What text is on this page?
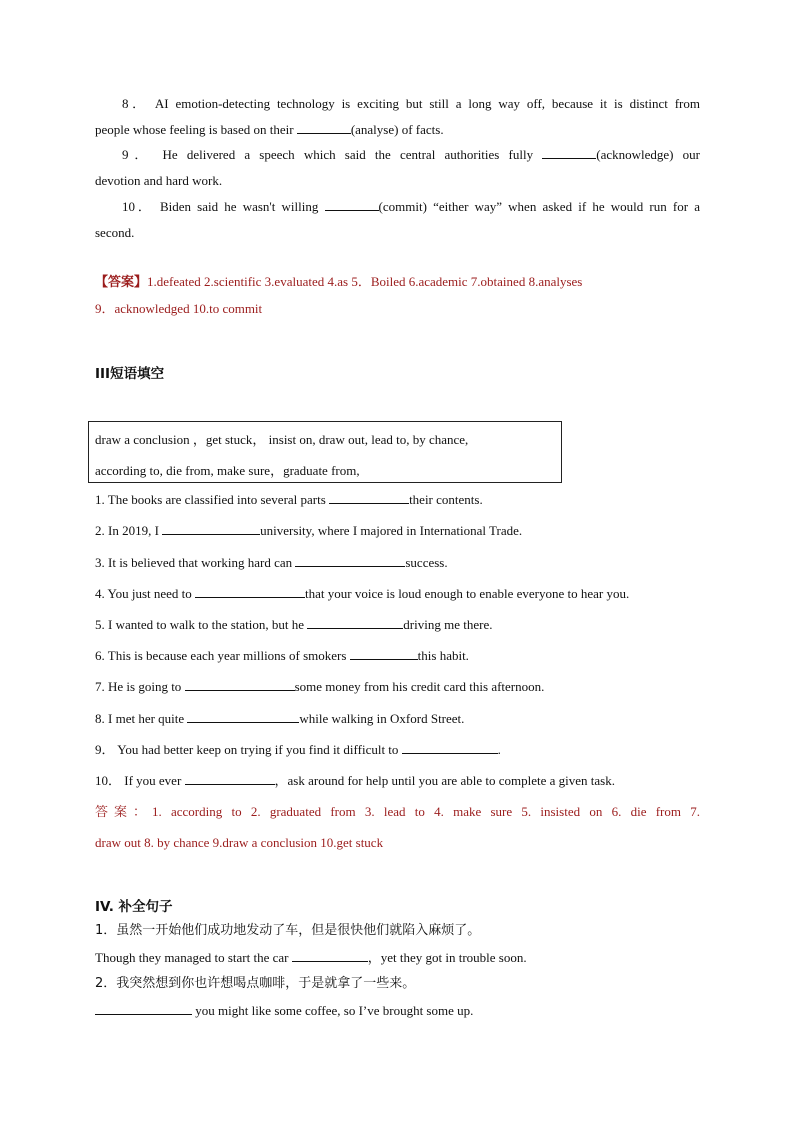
8． AI emotion-detecting technology is exciting but still a long way off, because it is distinct from
people whose feeling is based on their	(analyse) of facts.
9． He delivered a speech which said the central authorities fully	(acknowledge) our
devotion and hard work.
10． Biden said he wasn't willing	(commit) “either way” when asked if he would run for a
second.
【答案】1.defeated 2.scientific 3.evaluated 4.as 5．Boiled 6.academic 7.obtained 8.analyses
9．acknowledged 10.to commit
III短语填空
draw a conclusion ，get stuck， insist on, draw out, lead to, by chance,
according to, die from, make sure，graduate from,
1. The books are classified into several parts	their contents.
2. In 2019, I	university, where I majored in International Trade.
3. It is believed that working hard can	success.
4. You just need to	that your voice is loud enough to enable everyone to hear you.
5. I wanted to walk to the station, but he	driving me there.
6. This is because each year millions of smokers	this habit.
7. He is going to	some money from his credit card this afternoon.
8. I met her quite	while walking in Oxford Street.
9． You had better keep on trying if you find it difficult to	.
10． If you ever	，ask around for help until you are able to complete a given task.
答案：1. according to 2. graduated from 3. lead to 4. make sure 5. insisted on 6. die from 7.
draw out 8. by chance 9.draw a conclusion 10.get stuck
IV. 补全句子
1．虽然一开始他们成功地发动了车，但是很快他们就陷入麻烦了。
Though they managed to start the car	，yet they got in trouble soon.
2．我突然想到你也许想喝点咖啡，于是就拿了一些来。
you might like some coffee, so I’ve brought some up.
